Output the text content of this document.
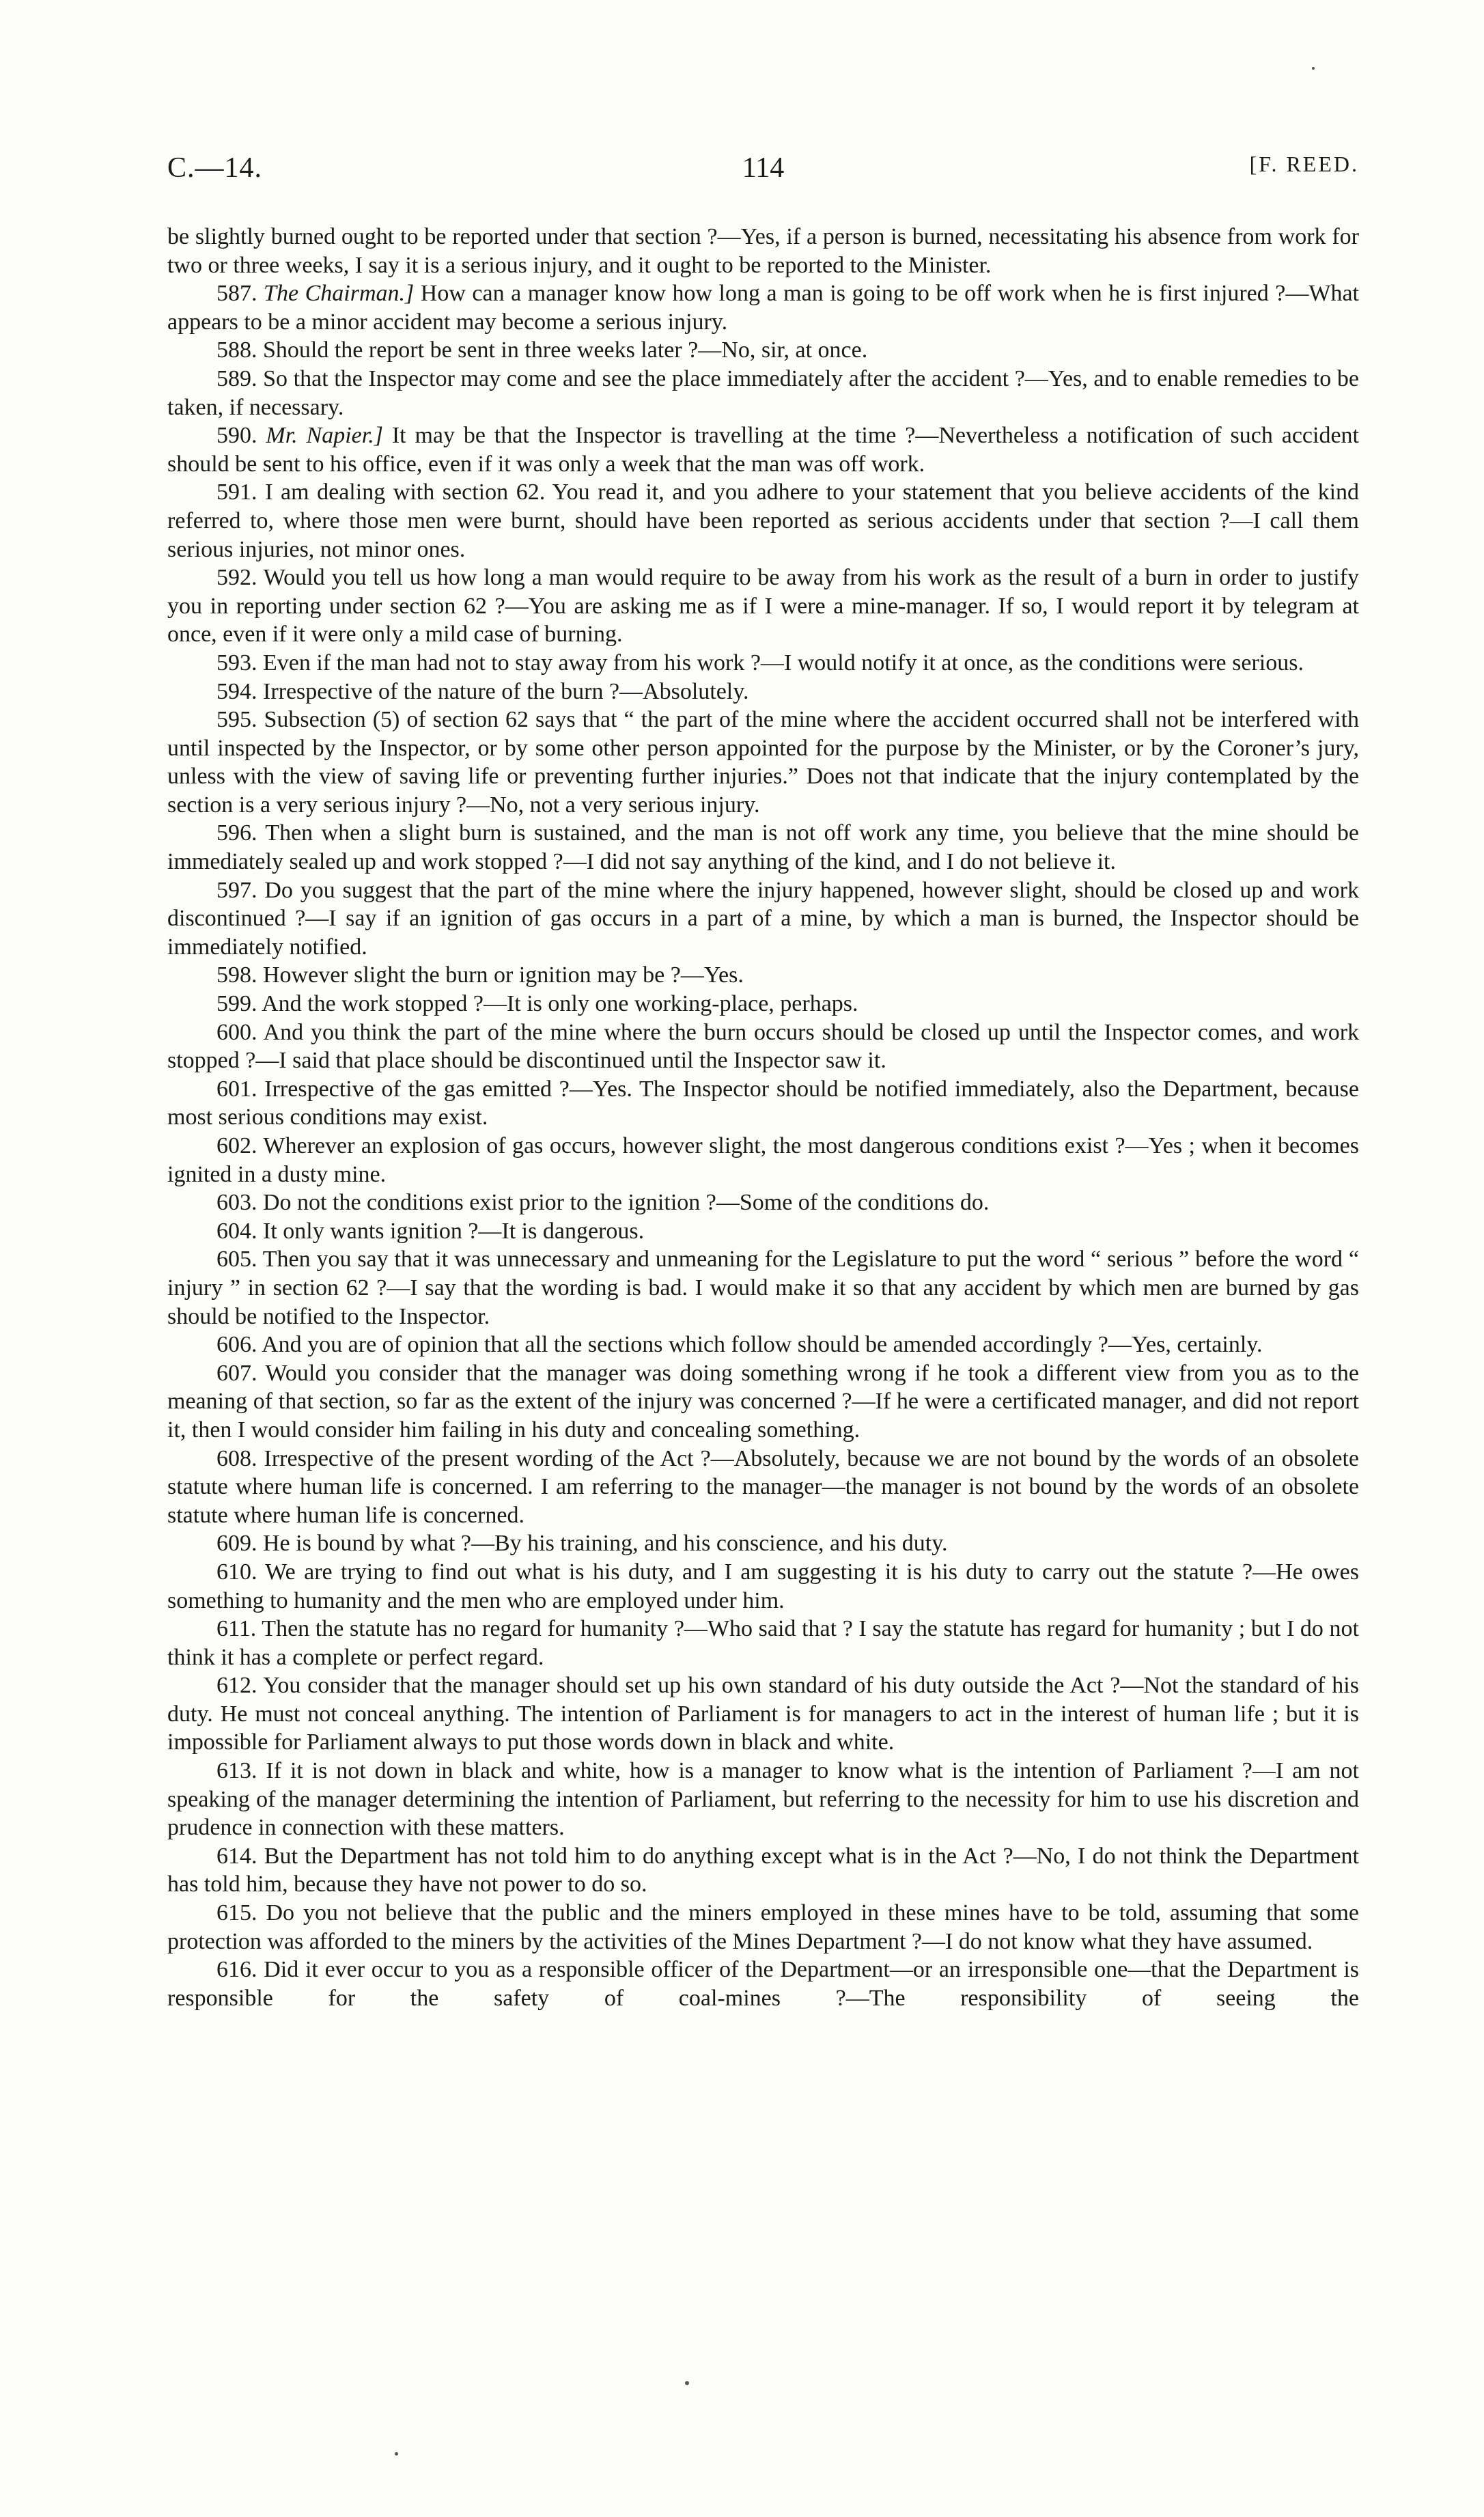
C.—14.	114	[F. REED.

be slightly burned ought to be reported under that section ?—Yes, if a person is burned, necessitating his absence from work for two or three weeks, I say it is a serious injury, and it ought to be reported to the Minister.

587. The Chairman.] How can a manager know how long a man is going to be off work when he is first injured ?—What appears to be a minor accident may become a serious injury.

588. Should the report be sent in three weeks later ?—No, sir, at once.

589. So that the Inspector may come and see the place immediately after the accident ?—Yes, and to enable remedies to be taken, if necessary.

590. Mr. Napier.] It may be that the Inspector is travelling at the time ?—Nevertheless a notification of such accident should be sent to his office, even if it was only a week that the man was off work.

591. I am dealing with section 62. You read it, and you adhere to your statement that you believe accidents of the kind referred to, where those men were burnt, should have been reported as serious accidents under that section ?—I call them serious injuries, not minor ones.

592. Would you tell us how long a man would require to be away from his work as the result of a burn in order to justify you in reporting under section 62 ?—You are asking me as if I were a mine-manager. If so, I would report it by telegram at once, even if it were only a mild case of burning.

593. Even if the man had not to stay away from his work ?—I would notify it at once, as the conditions were serious.

594. Irrespective of the nature of the burn ?—Absolutely.

595. Subsection (5) of section 62 says that “ the part of the mine where the accident occurred shall not be interfered with until inspected by the Inspector, or by some other person appointed for the purpose by the Minister, or by the Coroner’s jury, unless with the view of saving life or preventing further injuries.” Does not that indicate that the injury contemplated by the section is a very serious injury ?—No, not a very serious injury.

596. Then when a slight burn is sustained, and the man is not off work any time, you believe that the mine should be immediately sealed up and work stopped ?—I did not say anything of the kind, and I do not believe it.

597. Do you suggest that the part of the mine where the injury happened, however slight, should be closed up and work discontinued ?—I say if an ignition of gas occurs in a part of a mine, by which a man is burned, the Inspector should be immediately notified.

598. However slight the burn or ignition may be ?—Yes.

599. And the work stopped ?—It is only one working-place, perhaps.

600. And you think the part of the mine where the burn occurs should be closed up until the Inspector comes, and work stopped ?—I said that place should be discontinued until the Inspector saw it.

601. Irrespective of the gas emitted ?—Yes. The Inspector should be notified immediately, also the Department, because most serious conditions may exist.

602. Wherever an explosion of gas occurs, however slight, the most dangerous conditions exist ?—Yes ; when it becomes ignited in a dusty mine.

603. Do not the conditions exist prior to the ignition ?—Some of the conditions do.

604. It only wants ignition ?—It is dangerous.

605. Then you say that it was unnecessary and unmeaning for the Legislature to put the word “ serious ” before the word “ injury ” in section 62 ?—I say that the wording is bad. I would make it so that any accident by which men are burned by gas should be notified to the Inspector.

606. And you are of opinion that all the sections which follow should be amended accordingly ?—Yes, certainly.

607. Would you consider that the manager was doing something wrong if he took a different view from you as to the meaning of that section, so far as the extent of the injury was concerned ?—If he were a certificated manager, and did not report it, then I would consider him failing in his duty and concealing something.

608. Irrespective of the present wording of the Act ?—Absolutely, because we are not bound by the words of an obsolete statute where human life is concerned. I am referring to the manager—the manager is not bound by the words of an obsolete statute where human life is concerned.

609. He is bound by what ?—By his training, and his conscience, and his duty.

610. We are trying to find out what is his duty, and I am suggesting it is his duty to carry out the statute ?—He owes something to humanity and the men who are employed under him.

611. Then the statute has no regard for humanity ?—Who said that ? I say the statute has regard for humanity ; but I do not think it has a complete or perfect regard.

612. You consider that the manager should set up his own standard of his duty outside the Act ?—Not the standard of his duty. He must not conceal anything. The intention of Parliament is for managers to act in the interest of human life ; but it is impossible for Parliament always to put those words down in black and white.

613. If it is not down in black and white, how is a manager to know what is the intention of Parliament ?—I am not speaking of the manager determining the intention of Parliament, but referring to the necessity for him to use his discretion and prudence in connection with these matters.

614. But the Department has not told him to do anything except what is in the Act ?—No, I do not think the Department has told him, because they have not power to do so.

615. Do you not believe that the public and the miners employed in these mines have to be told, assuming that some protection was afforded to the miners by the activities of the Mines Department ?—I do not know what they have assumed.

616. Did it ever occur to you as a responsible officer of the Department—or an irresponsible one—that the Department is responsible for the safety of coal-mines ?—The responsibility of seeing the
